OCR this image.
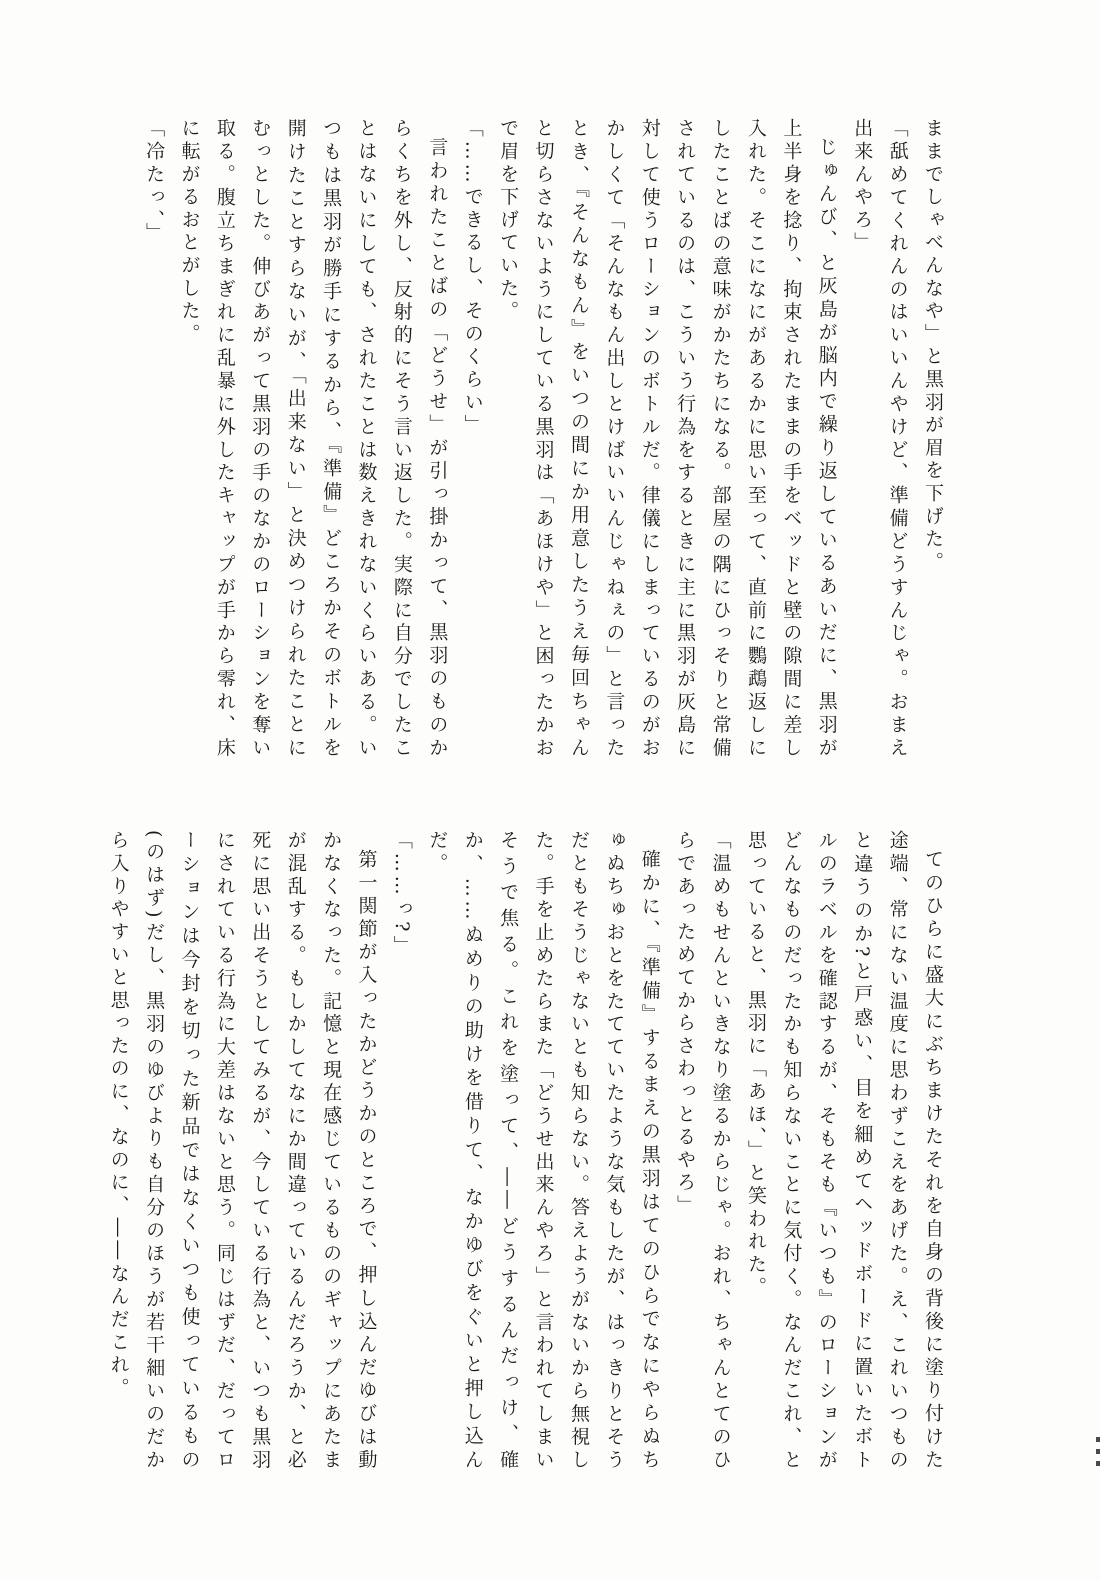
ままでしゃべんなや」と黒羽が眉を下げた。

「舐めてくれんのはいいんやけど、準備どうすんじゃ。おまえ出来んやろ」

じゅんび、と灰島が脳内で繰り返しているあいだに、黒羽が上半身を捻り、拘束されたままの手をベッドと壁の隙間に差し入れた。そこになにがあるかに思い至って、直前に鸚鵡返しにしたことばの意味がかたちになる。部屋の隅にひっそりと常備されているのは、こういう行為をするときに主に黒羽が灰島に対して使うローションのボトルだ。律儀にしまっているのがおかしくて「そんなもん出しとけばいいんじゃねぇの」と言ったとき、『そんなもん』をいつの間にか用意したうえ毎回ちゃんと切らさないようにしている黒羽は「あほけや」と困ったかおで眉を下げていた。

「……できるし、そのくらい」

言われたことばの「どうせ」が引っ掛かって、黒羽のものからくちを外し、反射的にそう言い返した。実際に自分でしたことはないにしても、されたことは数えきれないくらいある。いつもは黒羽が勝手にするから、『準備』どころかそのボトルを開けたことすらないが、「出来ない」と決めつけられたことにむっとした。伸びあがって黒羽の手のなかのローションを奪い取る。腹立ちまぎれに乱暴に外したキャップが手から零れ、床に転がるおとがした。

「冷たっ、」

てのひらに盛大にぶちまけたそれを自身の背後に塗り付けた途端、常にない温度に思わずこえをあげた。え、これいつものと違うのか?と戸惑い、目を細めてヘッドボードに置いたボトルのラベルを確認するが、そもそも『いつも』のローションがどんなものだったかも知らないことに気付く。なんだこれ、と思っていると、黒羽に「あほ、」と笑われた。

「温めもせんといきなり塗るからじゃ。おれ、ちゃんとてのひらであっためてからさわっとるやろ」

確かに、『準備』するまえの黒羽はてのひらでなにやらぬちゅぬちゅおとをたてていたような気もしたが、はっきりとそうだともそうじゃないとも知らない。答えようがないから無視した。手を止めたらまた「どうせ出来んやろ」と言われてしまいそうで焦る。これを塗って、――どうするんだっけ、確か、……ぬめりの助けを借りて、なかゆびをぐいと押し込んだ。

「……っ?」

第一関節が入ったかどうかのところで、押し込んだゆびは動かなくなった。記憶と現在感じているもののギャップにあたまが混乱する。もしかしてなにか間違っているんだろうか、と必死に思い出そうとしてみるが、今している行為と、いつも黒羽にされている行為に大差はないと思う。同じはずだ、だってローションは今封を切った新品ではなくいつも使っているもの(のはず)だし、黒羽のゆびよりも自分のほうが若干細いのだから入りやすいと思ったのに、なのに、――なんだこれ。
